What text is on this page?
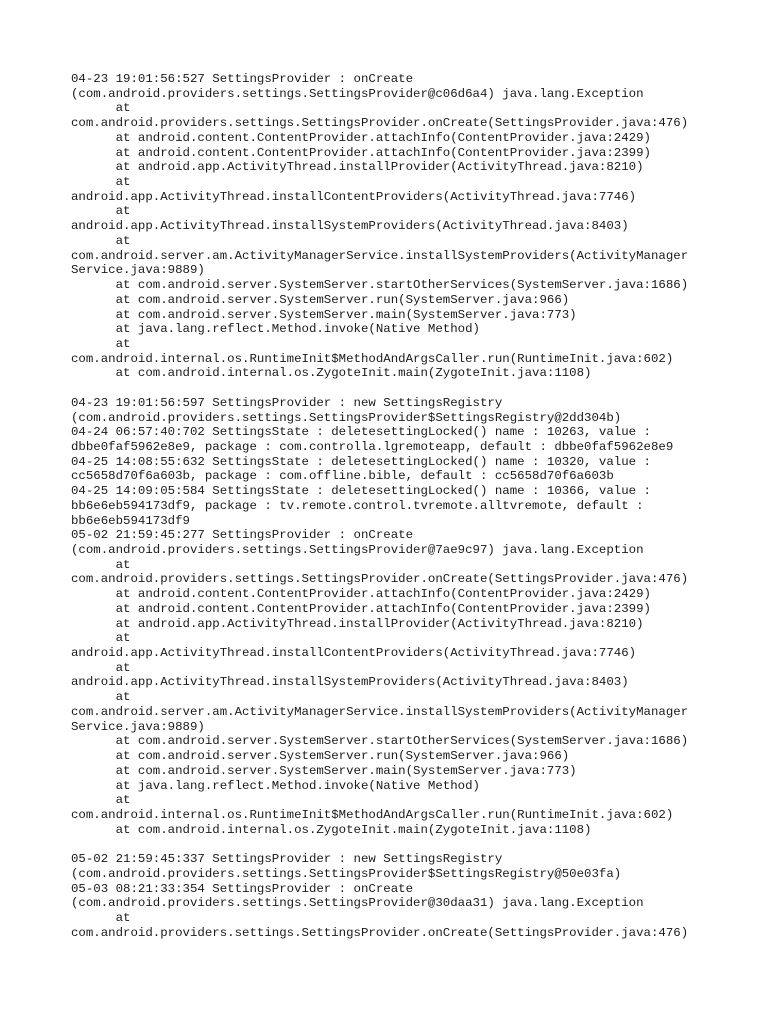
04-23 19:01:56:527 SettingsProvider : onCreate
(com.android.providers.settings.SettingsProvider@c06d6a4) java.lang.Exception
at
com.android.providers.settings.SettingsProvider.onCreate(SettingsProvider.java:476)
at android.content.ContentProvider.attachInfo(ContentProvider.java:2429)
at android.content.ContentProvider.attachInfo(ContentProvider.java:2399)
at android.app.ActivityThread.installProvider(ActivityThread.java:8210)
at
android.app.ActivityThread.installContentProviders(ActivityThread.java:7746)
at
android.app.ActivityThread.installSystemProviders(ActivityThread.java:8403)
at
com.android.server.am.ActivityManagerService.installSystemProviders(ActivityManager
Service.java:9889)
at com.android.server.SystemServer.startOtherServices(SystemServer.java:1686)
at com.android.server.SystemServer.run(SystemServer.java:966)
at com.android.server.SystemServer.main(SystemServer.java:773)
at java.lang.reflect.Method.invoke(Native Method)
at
com.android.internal.os.RuntimeInit$MethodAndArgsCaller.run(RuntimeInit.java:602)
at com.android.internal.os.ZygoteInit.main(ZygoteInit.java:1108)
04-23 19:01:56:597 SettingsProvider : new SettingsRegistry
(com.android.providers.settings.SettingsProvider$SettingsRegistry@2dd304b)
04-24 06:57:40:702 SettingsState : deletesettingLocked() name : 10263, value :
dbbe0faf5962e8e9, package : com.controlla.lgremoteapp, default : dbbe0faf5962e8e9
04-25 14:08:55:632 SettingsState : deletesettingLocked() name : 10320, value :
cc5658d70f6a603b, package : com.offline.bible, default : cc5658d70f6a603b
04-25 14:09:05:584 SettingsState : deletesettingLocked() name : 10366, value :
bb6e6eb594173df9, package : tv.remote.control.tvremote.alltvremote, default :
bb6e6eb594173df9
05-02 21:59:45:277 SettingsProvider : onCreate
(com.android.providers.settings.SettingsProvider@7ae9c97) java.lang.Exception
at
com.android.providers.settings.SettingsProvider.onCreate(SettingsProvider.java:476)
at android.content.ContentProvider.attachInfo(ContentProvider.java:2429)
at android.content.ContentProvider.attachInfo(ContentProvider.java:2399)
at android.app.ActivityThread.installProvider(ActivityThread.java:8210)
at
android.app.ActivityThread.installContentProviders(ActivityThread.java:7746)
at
android.app.ActivityThread.installSystemProviders(ActivityThread.java:8403)
at
com.android.server.am.ActivityManagerService.installSystemProviders(ActivityManager
Service.java:9889)
at com.android.server.SystemServer.startOtherServices(SystemServer.java:1686)
at com.android.server.SystemServer.run(SystemServer.java:966)
at com.android.server.SystemServer.main(SystemServer.java:773)
at java.lang.reflect.Method.invoke(Native Method)
at
com.android.internal.os.RuntimeInit$MethodAndArgsCaller.run(RuntimeInit.java:602)
at com.android.internal.os.ZygoteInit.main(ZygoteInit.java:1108)
05-02 21:59:45:337 SettingsProvider : new SettingsRegistry
(com.android.providers.settings.SettingsProvider$SettingsRegistry@50e03fa)
05-03 08:21:33:354 SettingsProvider : onCreate
(com.android.providers.settings.SettingsProvider@30daa31) java.lang.Exception
at
com.android.providers.settings.SettingsProvider.onCreate(SettingsProvider.java:476)
